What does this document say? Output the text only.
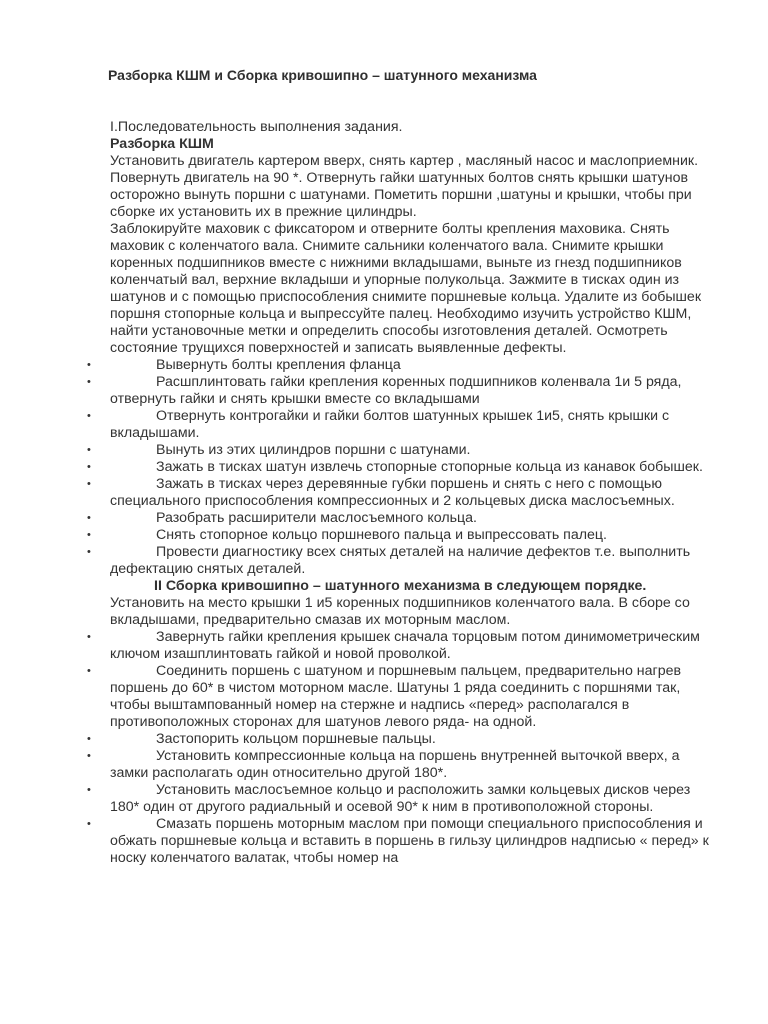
Разборка КШМ и Cборка кривошипно – шатунного механизма

I.Последовательность выполнения задания.

Разборка КШМ

Установить двигатель картером вверх, снять картер , масляный насос и маслоприемник. Повернуть двигатель на 90 *. Отвернуть гайки шатунных болтов снять крышки шатунов осторожно вынуть поршни с шатунами. Пометить поршни ,шатуны и крышки, чтобы при сборке их установить их в прежние цилиндры.

Заблокируйте маховик с фиксатором и отверните болты крепления маховика. Снять маховик с коленчатого вала. Снимите сальники коленчатого вала. Снимите крышки коренных подшипников вместе с нижними вкладышами, выньте из гнезд подшипников коленчатый вал, верхние вкладыши и упорные полукольца. Зажмите в тисках один из шатунов и с помощью приспособления снимите поршневые кольца. Удалите из бобышек поршня стопорные кольца и выпрессуйте палец. Необходимо изучить устройство КШМ, найти установочные метки и определить способы изготовления деталей. Осмотреть состояние трущихся поверхностей и записать выявленные дефекты.

•	Вывернуть болты крепления фланца
•	Расшплинтовать гайки крепления коренных подшипников коленвала 1и 5 ряда, отвернуть гайки и снять крышки вместе со вкладышами
•	Отвернуть контрогайки и гайки болтов шатунных крышек 1и5, снять крышки с вкладышами.
•	Вынуть из этих цилиндров поршни с шатунами.
•	Зажать в тисках шатун извлечь стопорные стопорные кольца из канавок бобышек.
•	Зажать в тисках через деревянные губки поршень и снять с него с помощью специального приспособления компрессионных и 2 кольцевых диска маслосъемных.
•	Разобрать расширители маслосъемного кольца.
•	Снять стопорное кольцо поршневого пальца и выпрессовать палец.
•	Провести диагностику всех снятых деталей на наличие дефектов т.е. выполнить дефектацию снятых деталей.

II Сборка кривошипно – шатунного механизма в следующем порядке.

Установить на место крышки 1 и5 коренных подшипников коленчатого вала. В сборе со вкладышами, предварительно смазав их моторным маслом.

•	Завернуть гайки крепления крышек сначала торцовым потом динимометрическим ключом изашплинтовать гайкой и новой проволкой.
•	Соединить поршень с шатуном и поршневым пальцем, предварительно нагрев поршень до 60* в чистом моторном масле. Шатуны 1 ряда соединить с поршнями так, чтобы выштампованный номер на стержне и надпись «перед» располагался в противоположных сторонах для шатунов левого ряда- на одной.
•	Застопорить кольцом поршневые пальцы.
•	Установить компрессионные кольца на поршень внутренней выточкой вверх, а замки располагать один относительно другой 180*.
•	Установить маслосъемное кольцо и расположить замки кольцевых дисков через 180* один от другого радиальный и осевой 90* к ним в противоположной стороны.
•	Смазать поршень моторным маслом при помощи специального приспособления и обжать поршневые кольца и вставить в поршень в гильзу цилиндров надписью « перед» к носку коленчатого валатак, чтобы номер на
